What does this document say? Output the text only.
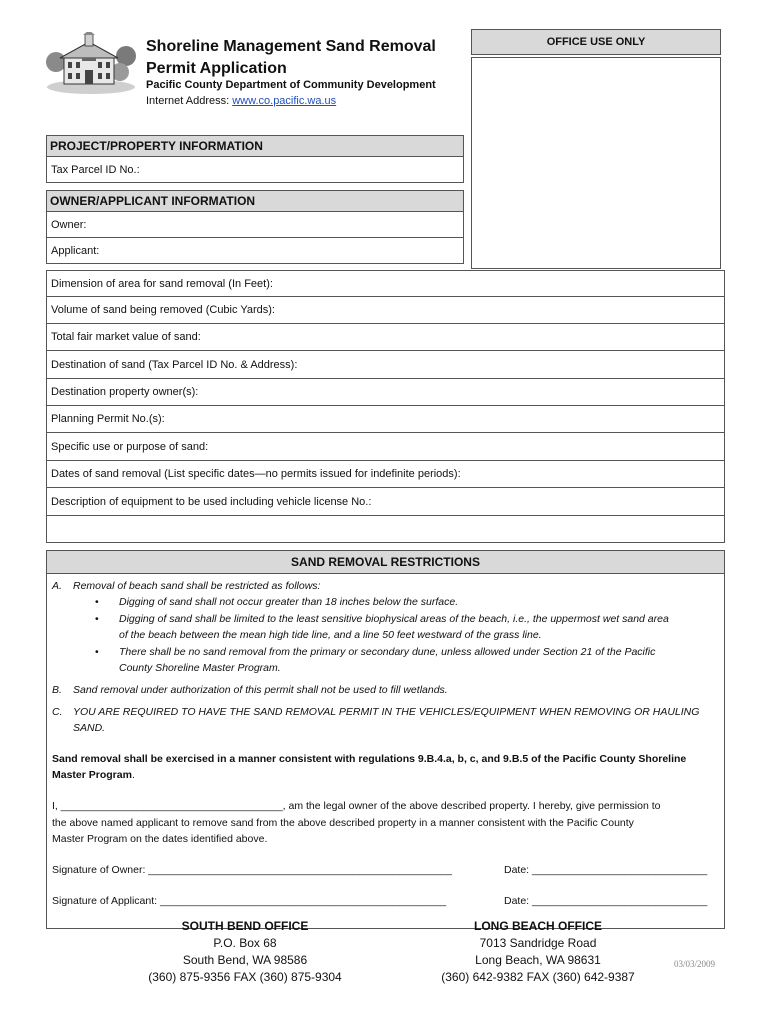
Shoreline Management Sand Removal
Permit Application
Pacific County Department of Community Development
Internet Address: www.co.pacific.wa.us
OFFICE USE ONLY
PROJECT/PROPERTY INFORMATION
Tax Parcel ID No.:
OWNER/APPLICANT INFORMATION
Owner:
Applicant:
Dimension of area for sand removal (In Feet):
Volume of sand being removed (Cubic Yards):
Total fair market value of sand:
Destination of sand (Tax Parcel ID No. & Address):
Destination property owner(s):
Planning Permit No.(s):
Specific use or purpose of sand:
Dates of sand removal (List specific dates—no permits issued for indefinite periods):
Description of equipment to be used including vehicle license No.:
SAND REMOVAL RESTRICTIONS
A. Removal of beach sand shall be restricted as follows:
• Digging of sand shall not occur greater than 18 inches below the surface.
• Digging of sand shall be limited to the least sensitive biophysical areas of the beach, i.e., the uppermost wet sand area
of the beach between the mean high tide line, and a line 50 feet westward of the grass line.
• There shall be no sand removal from the primary or secondary dune, unless allowed under Section 21 of the Pacific
County Shoreline Master Program.
B. Sand removal under authorization of this permit shall not be used to fill wetlands.
C. YOU ARE REQUIRED TO HAVE THE SAND REMOVAL PERMIT IN THE VEHICLES/EQUIPMENT WHEN REMOVING OR HAULING
SAND.
Sand removal shall be exercised in a manner consistent with regulations 9.B.4.a, b, c, and 9.B.5 of the Pacific County Shoreline
Master Program.
I, ______________________________________, am the legal owner of the above described property. I hereby, give permission to
the above named applicant to remove sand from the above described property in a manner consistent with the Pacific County
Master Program on the dates identified above.
Signature of Owner: ____________________________________________________	Date: ______________________________
Signature of Applicant: _________________________________________________	Date: ______________________________
SOUTH BEND OFFICE
P.O. Box 68
South Bend, WA 98586
(360) 875-9356 FAX (360) 875-9304
LONG BEACH OFFICE
7013 Sandridge Road
Long Beach, WA 98631
(360) 642-9382 FAX (360) 642-9387
03/03/2009
